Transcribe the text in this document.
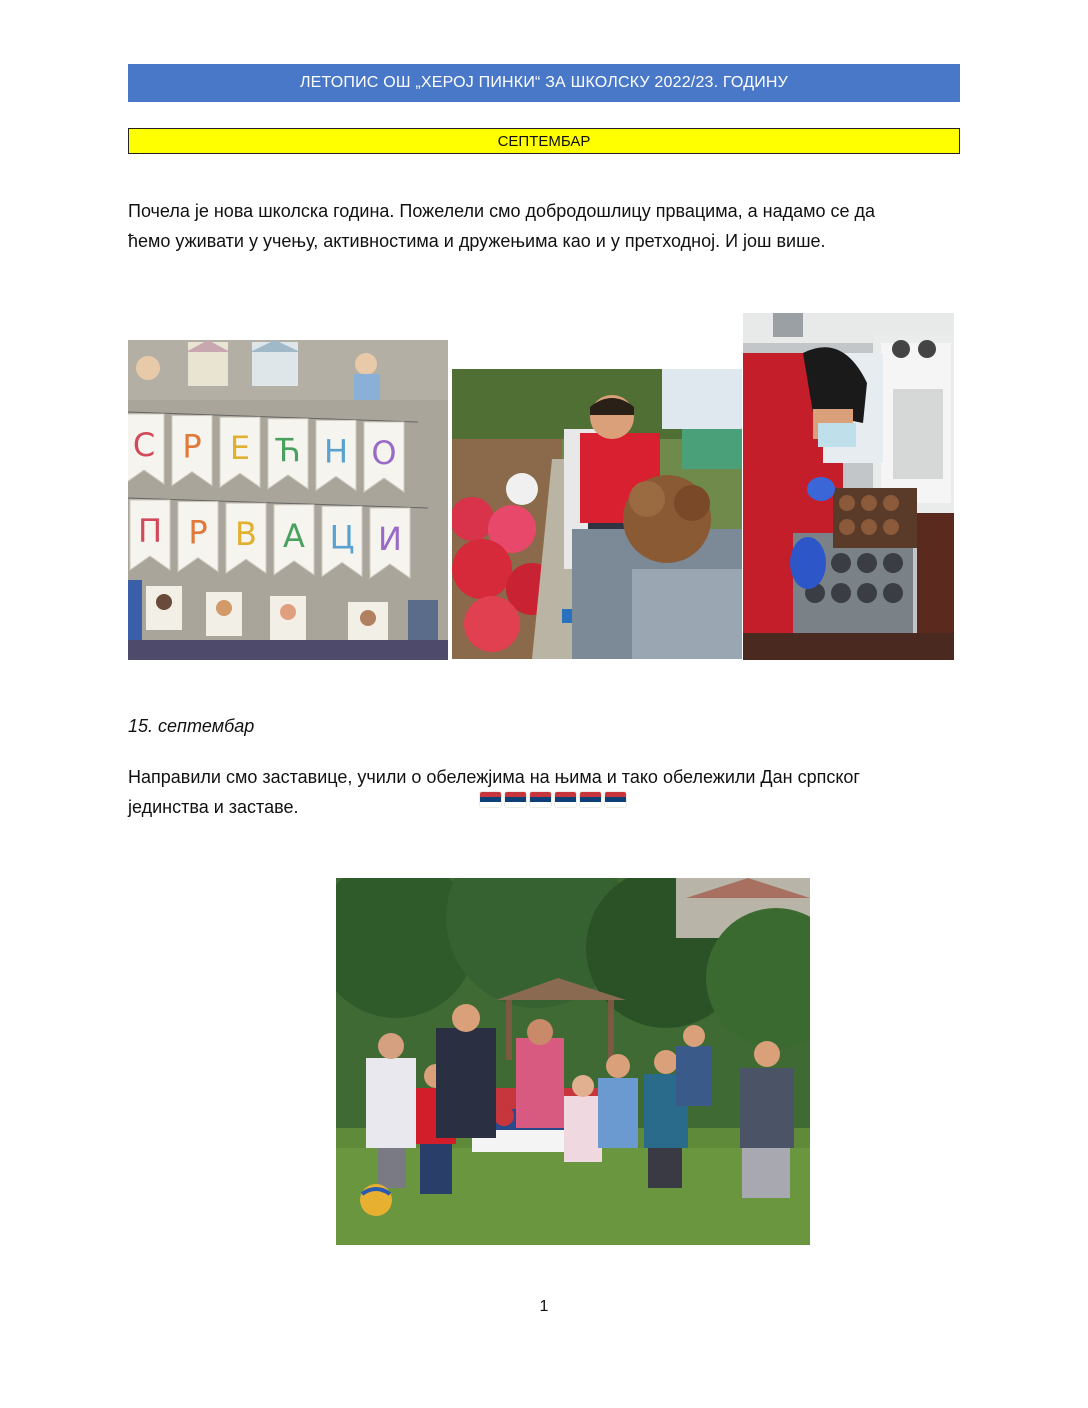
ЛЕТОПИС ОШ „ХЕРОЈ ПИНКИ“ ЗА ШКОЛСКУ 2022/23. ГОДИНУ
СЕПТЕМБАР
Почела је нова школска година. Пожелели смо добродошлицу првацима, а надамо се да
ћемо уживати у учењу, активностима и дружењима као и у претходној. И још више.
С Р Е Ћ Н О
П Р В А Ц И
15. септембар
Направили смо заставице, учили о обележјима на њима и тако обележили Дан српског
јединства и заставе.
1
